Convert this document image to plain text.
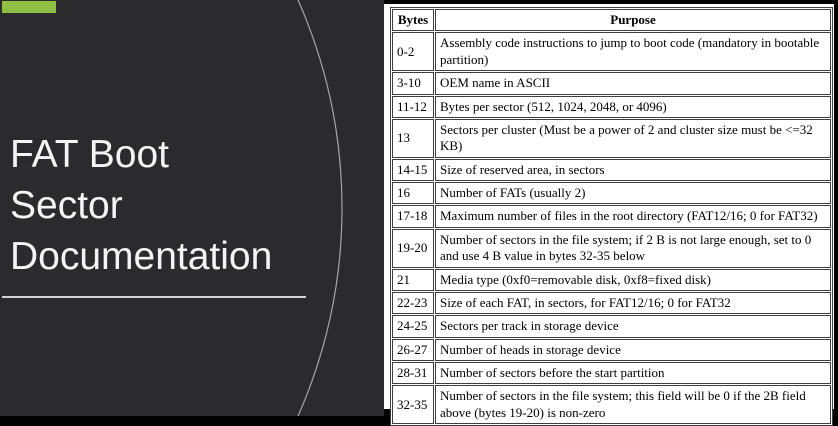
FAT Boot
Sector
Documentation
Bytes	Purpose
0-2	Assembly code instructions to jump to boot code (mandatory in bootable partition)
3-10	OEM name in ASCII
11-12	Bytes per sector (512, 1024, 2048, or 4096)
13	Sectors per cluster (Must be a power of 2 and cluster size must be <=32 KB)
14-15	Size of reserved area, in sectors
16	Number of FATs (usually 2)
17-18	Maximum number of files in the root directory (FAT12/16; 0 for FAT32)
19-20	Number of sectors in the file system; if 2 B is not large enough, set to 0 and use 4 B value in bytes 32-35 below
21	Media type (0xf0=removable disk, 0xf8=fixed disk)
22-23	Size of each FAT, in sectors, for FAT12/16; 0 for FAT32
24-25	Sectors per track in storage device
26-27	Number of heads in storage device
28-31	Number of sectors before the start partition
32-35	Number of sectors in the file system; this field will be 0 if the 2B field above (bytes 19-20) is non-zero
